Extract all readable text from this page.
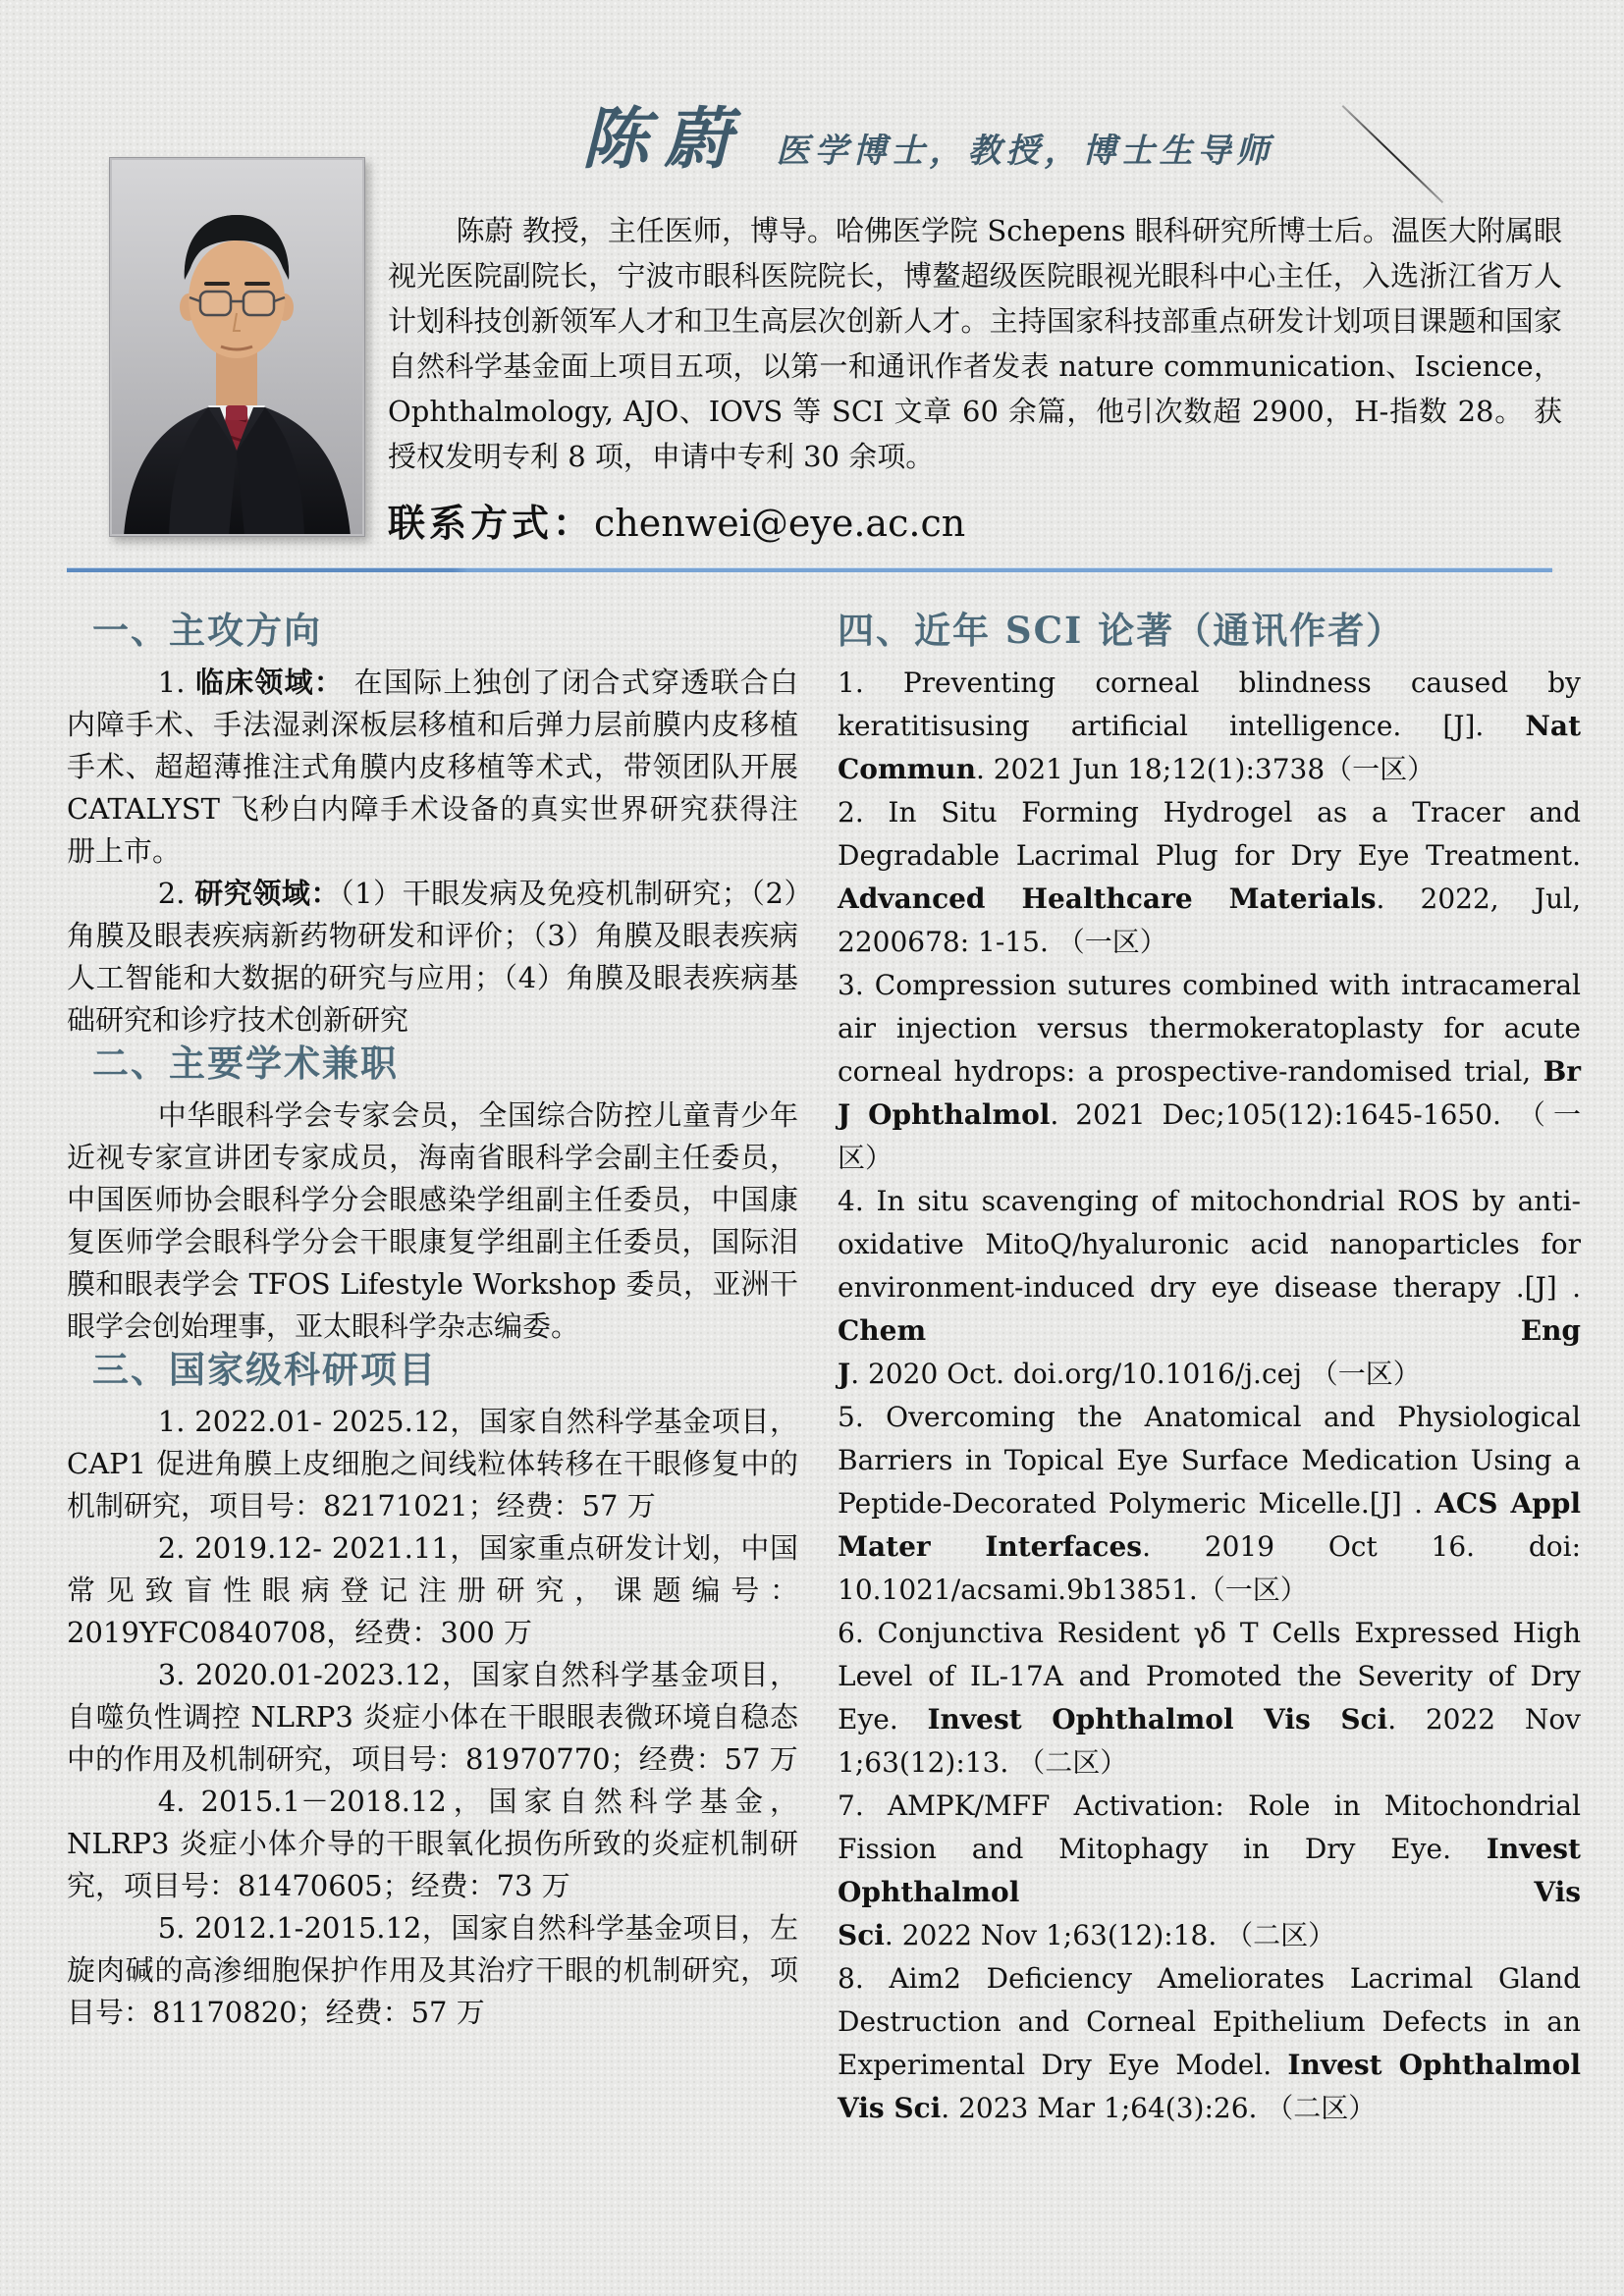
陈蔚 医学博士，教授，博士生导师
陈蔚 教授，主任医师，博导。哈佛医学院 Schepens 眼科研究所博士后。温医大附属眼视光医院副院长，宁波市眼科医院院长，博鳌超级医院眼视光眼科中心主任，入选浙江省万人计划科技创新领军人才和卫生高层次创新人才。主持国家科技部重点研发计划项目课题和国家自然科学基金面上项目五项，以第一和通讯作者发表 nature communication、Iscience，Ophthalmology, AJO、IOVS 等 SCI 文章 60 余篇，他引次数超 2900，H-指数 28。 获授权发明专利 8 项，申请中专利 30 余项。
联系方式：chenwei@eye.ac.cn
一、主攻方向

1. 临床领域： 在国际上独创了闭合式穿透联合白内障手术、手法湿剥深板层移植和后弹力层前膜内皮移植手术、超超薄推注式角膜内皮移植等术式，带领团队开展 CATALYST 飞秒白内障手术设备的真实世界研究获得注册上市。

2. 研究领域：（1）干眼发病及免疫机制研究；（2）角膜及眼表疾病新药物研发和评价；（3）角膜及眼表疾病人工智能和大数据的研究与应用；（4）角膜及眼表疾病基础研究和诊疗技术创新研究

二、主要学术兼职

中华眼科学会专家会员，全国综合防控儿童青少年近视专家宣讲团专家成员，海南省眼科学会副主任委员，中国医师协会眼科学分会眼感染学组副主任委员，中国康复医师学会眼科学分会干眼康复学组副主任委员，国际泪膜和眼表学会 TFOS Lifestyle Workshop 委员，亚洲干眼学会创始理事，亚太眼科学杂志编委。

三、国家级科研项目

1. 2022.01- 2025.12，国家自然科学基金项目，CAP1 促进角膜上皮细胞之间线粒体转移在干眼修复中的机制研究，项目号：82171021；经费：57 万

2. 2019.12- 2021.11，国家重点研发计划，中国常见致盲性眼病登记注册研究，课题编号：2019YFC0840708，经费：300 万

3. 2020.01-2023.12，国家自然科学基金项目，自噬负性调控 NLRP3 炎症小体在干眼眼表微环境自稳态中的作用及机制研究，项目号：81970770；经费：57 万

4. 2015.1－2018.12，国家自然科学基金，NLRP3 炎症小体介导的干眼氧化损伤所致的炎症机制研究，项目号：81470605；经费：73 万

5. 2012.1-2015.12，国家自然科学基金项目，左旋肉碱的高渗细胞保护作用及其治疗干眼的机制研究，项目号：81170820；经费：57 万

四、近年 SCI 论著（通讯作者）

1. Preventing corneal blindness caused by keratitisusing artificial intelligence. [J]. Nat Commun. 2021 Jun 18;12(1):3738（一区）

2. In Situ Forming Hydrogel as a Tracer and Degradable Lacrimal Plug for Dry Eye Treatment. Advanced Healthcare Materials. 2022, Jul, 2200678: 1-15. （一区）

3. Compression sutures combined with intracameral air injection versus thermokeratoplasty for acute corneal hydrops: a prospective-randomised trial, Br J Ophthalmol. 2021 Dec;105(12):1645-1650. （一区）

4. In situ scavenging of mitochondrial ROS by anti-oxidative MitoQ/hyaluronic acid nanoparticles for environment-induced dry eye disease therapy .[J] . Chem Eng J. 2020 Oct. doi.org/10.1016/j.cej （一区）

5. Overcoming the Anatomical and Physiological Barriers in Topical Eye Surface Medication Using a Peptide-Decorated Polymeric Micelle.[J] . ACS Appl Mater Interfaces. 2019 Oct 16. doi: 10.1021/acsami.9b13851.（一区）

6. Conjunctiva Resident γδ T Cells Expressed High Level of IL-17A and Promoted the Severity of Dry Eye. Invest Ophthalmol Vis Sci. 2022 Nov 1;63(12):13. （二区）

7. AMPK/MFF Activation: Role in Mitochondrial Fission and Mitophagy in Dry Eye. Invest Ophthalmol Vis Sci. 2022 Nov 1;63(12):18. （二区）

8. Aim2 Deficiency Ameliorates Lacrimal Gland Destruction and Corneal Epithelium Defects in an Experimental Dry Eye Model. Invest Ophthalmol Vis Sci. 2023 Mar 1;64(3):26. （二区）
